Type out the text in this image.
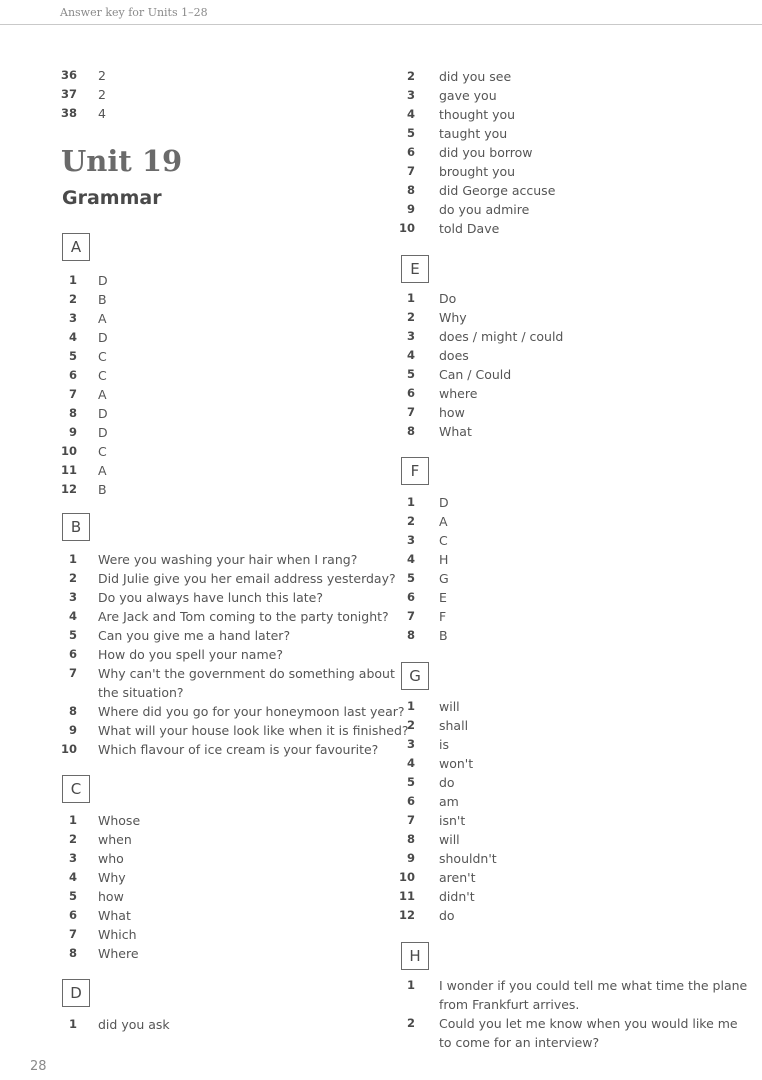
Answer key for Units 1–28
Unit 19
Grammar
28
36 2
37 2
38 4
A
1 D
2 B
3 A
4 D
5 C
6 C
7 A
8 D
9 D
10 C
11 A
12 B
B
1 Were you washing your hair when I rang?
2 Did Julie give you her email address yesterday?
3 Do you always have lunch this late?
4 Are Jack and Tom coming to the party tonight?
5 Can you give me a hand later?
6 How do you spell your name?
7 Why can't the government do something about
the situation?
8 Where did you go for your honeymoon last year?
9 What will your house look like when it is finished?
10 Which flavour of ice cream is your favourite?
C
1 Whose
2 when
3 who
4 Why
5 how
6 What
7 Which
8 Where
D
1 did you ask
2 did you see
3 gave you
4 thought you
5 taught you
6 did you borrow
7 brought you
8 did George accuse
9 do you admire
10 told Dave
E
1 Do
2 Why
3 does / might / could
4 does
5 Can / Could
6 where
7 how
8 What
F
1 D
2 A
3 C
4 H
5 G
6 E
7 F
8 B
G
1 will
2 shall
3 is
4 won't
5 do
6 am
7 isn't
8 will
9 shouldn't
10 aren't
11 didn't
12 do
H
1 I wonder if you could tell me what time the plane
from Frankfurt arrives.
2 Could you let me know when you would like me
to come for an interview?
